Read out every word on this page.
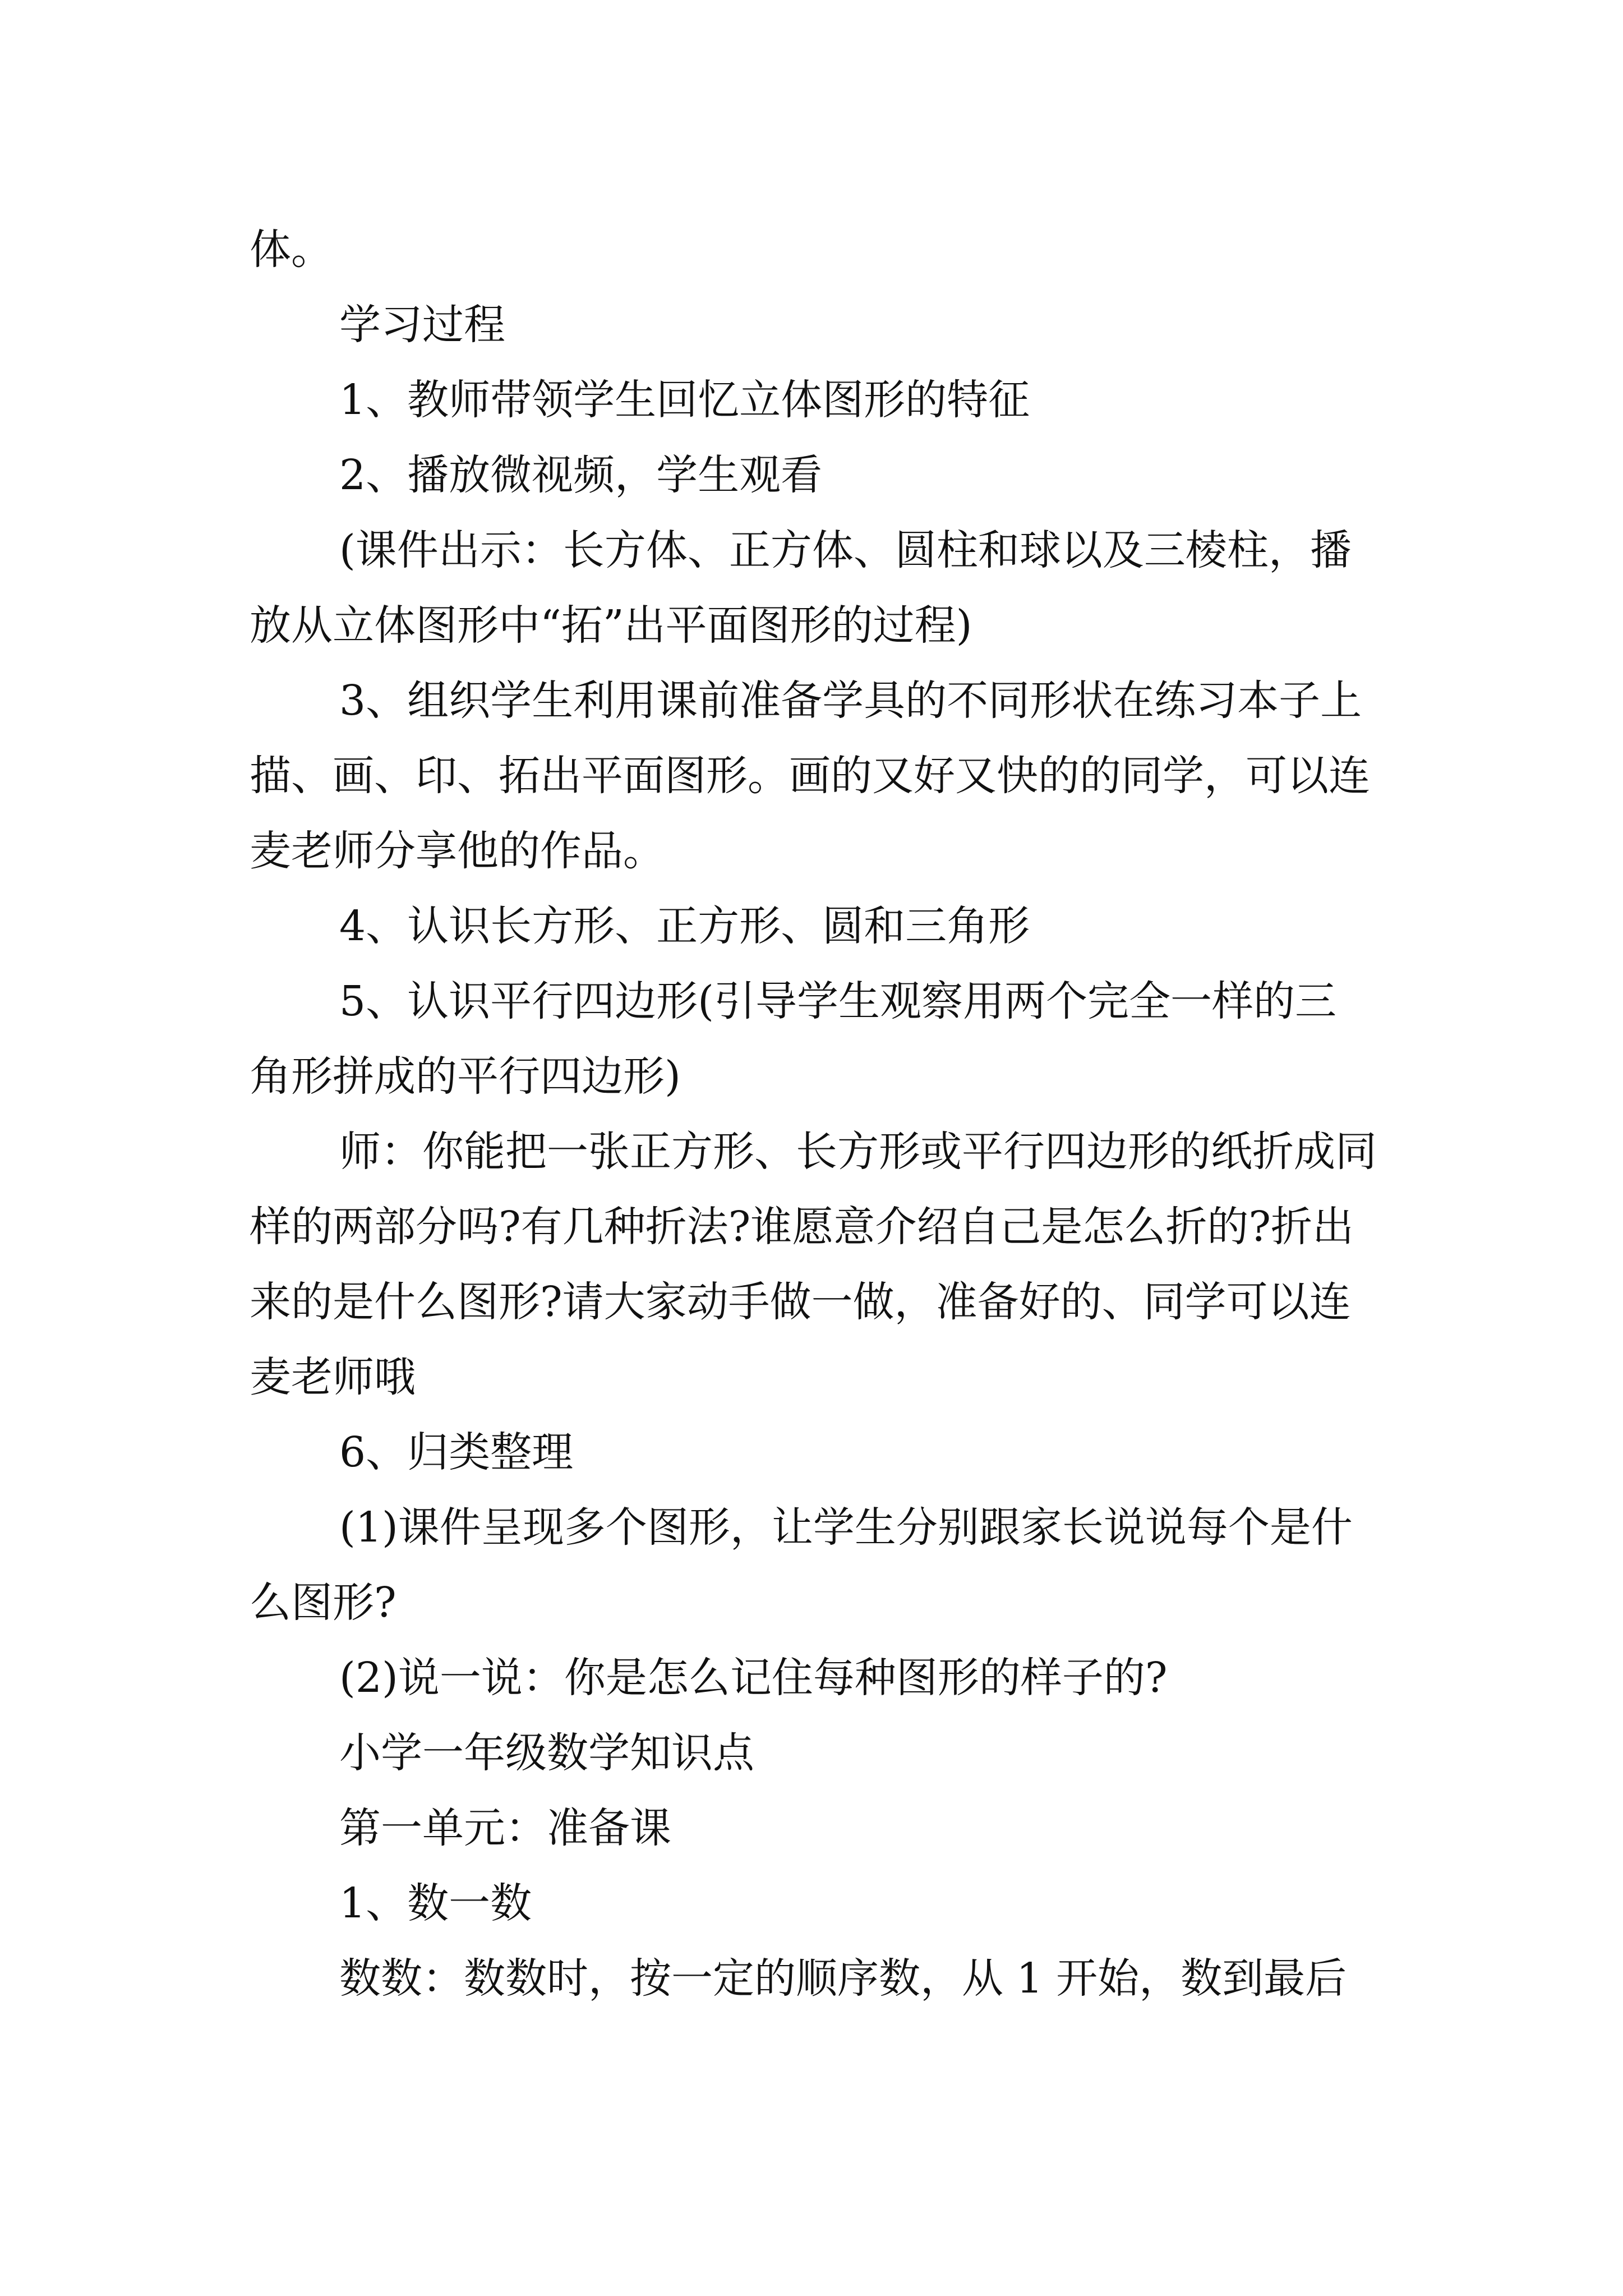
体。

学习过程

1、教师带领学生回忆立体图形的特征

2、播放微视频，学生观看

(课件出示：长方体、正方体、圆柱和球以及三棱柱，播放从立体图形中“拓”出平面图形的过程)

3、组织学生利用课前准备学具的不同形状在练习本子上描、画、印、拓出平面图形。画的又好又快的的同学，可以连麦老师分享他的作品。

4、认识长方形、正方形、圆和三角形

5、认识平行四边形(引导学生观察用两个完全一样的三角形拼成的平行四边形)

师：你能把一张正方形、长方形或平行四边形的纸折成同样的两部分吗?有几种折法?谁愿意介绍自己是怎么折的?折出来的是什么图形?请大家动手做一做，准备好的、同学可以连麦老师哦

6、归类整理

(1)课件呈现多个图形，让学生分别跟家长说说每个是什么图形?

(2)说一说：你是怎么记住每种图形的样子的?

小学一年级数学知识点

第一单元：准备课

1、数一数

数数：数数时，按一定的顺序数，从 1 开始，数到最后
